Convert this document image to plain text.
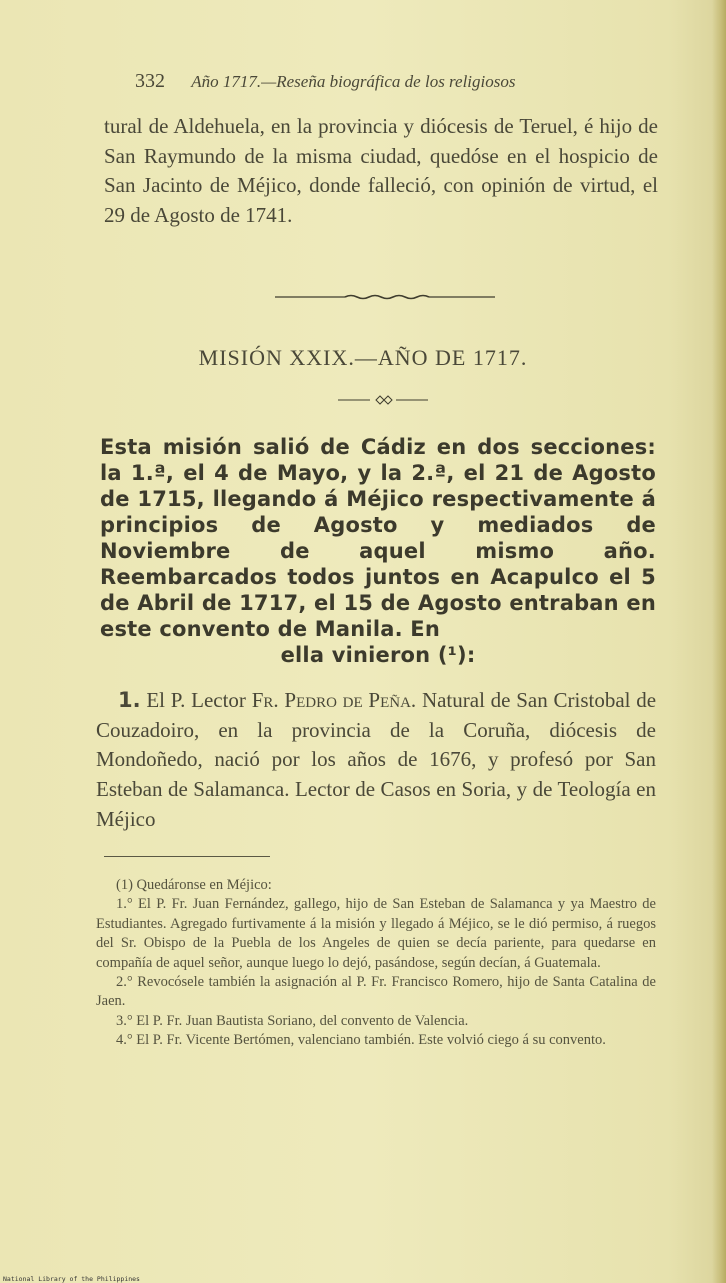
332 Año 1717.—Reseña biográfica de los religiosos
tural de Aldehuela, en la provincia y diócesis de Teruel, é hijo de San Raymundo de la misma ciudad, quedóse en el hospicio de San Jacinto de Méjico, donde falleció, con opinión de virtud, el 29 de Agosto de 1741.
MISIÓN XXIX.—AÑO DE 1717.
Esta misión salió de Cádiz en dos secciones: la 1.ª, el 4 de Mayo, y la 2.ª, el 21 de Agosto de 1715, llegando á Méjico respectivamente á principios de Agosto y mediados de Noviembre de aquel mismo año. Reembarcados todos juntos en Acapulco el 5 de Abril de 1717, el 15 de Agosto entraban en este convento de Manila. En
ella vinieron (¹):
1. El P. Lector Fr. Pedro de Peña. Natural de San Cristobal de Couzadoiro, en la provincia de la Coruña, diócesis de Mondoñedo, nació por los años de 1676, y profesó por San Esteban de Salamanca. Lector de Casos en Soria, y de Teología en Méjico

(1) Quedáronse en Méjico:

1.° El P. Fr. Juan Fernández, gallego, hijo de San Esteban de Salamanca y ya Maestro de Estudiantes. Agregado furtivamente á la misión y llegado á Méjico, se le dió permiso, á ruegos del Sr. Obispo de la Puebla de los Angeles de quien se decía pariente, para quedarse en compañía de aquel señor, aunque luego lo dejó, pasándose, según decían, á Guatemala.

2.° Revocósele también la asignación al P. Fr. Francisco Romero, hijo de Santa Catalina de Jaen.

3.° El P. Fr. Juan Bautista Soriano, del convento de Valencia.

4.° El P. Fr. Vicente Bertómen, valenciano también. Este volvió ciego á su convento.

National Library of the Philippines
